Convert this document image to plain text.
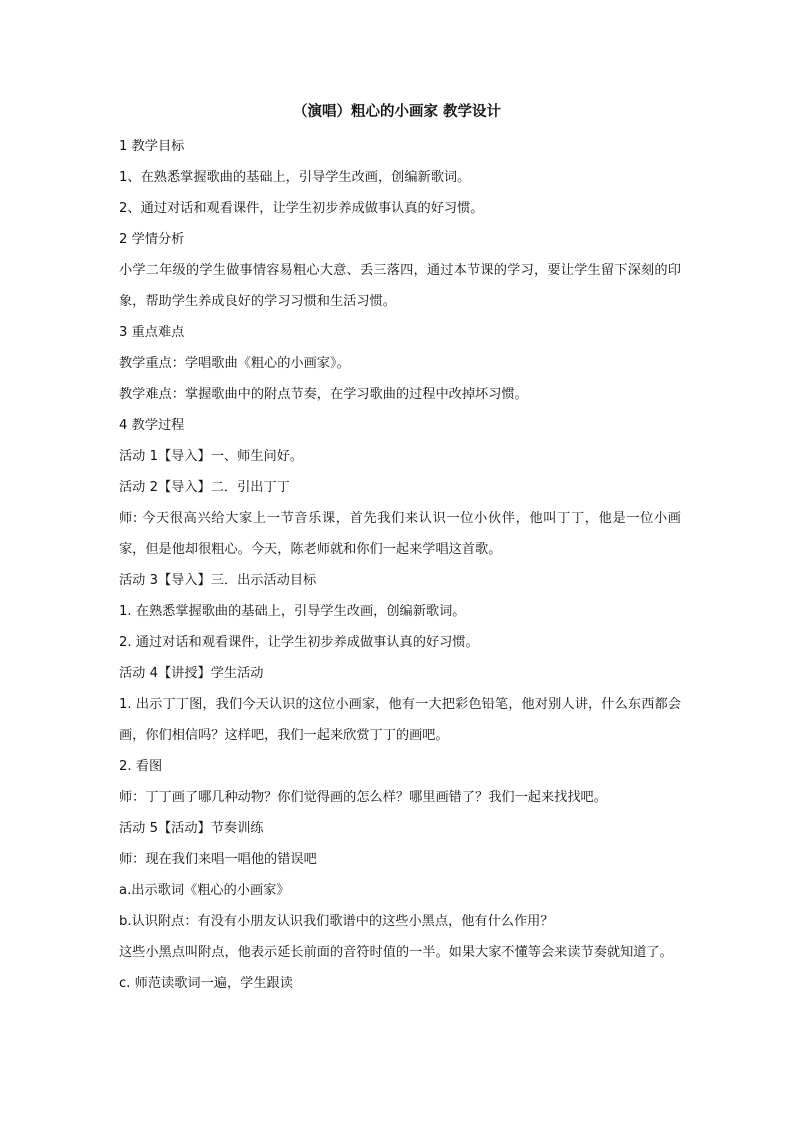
（演唱）粗心的小画家 教学设计

1 教学目标

1、在熟悉掌握歌曲的基础上，引导学生改画，创编新歌词。

2、通过对话和观看课件，让学生初步养成做事认真的好习惯。

2 学情分析

小学二年级的学生做事情容易粗心大意、丢三落四，通过本节课的学习，要让学生留下深刻的印象，帮助学生养成良好的学习习惯和生活习惯。

3 重点难点

教学重点：学唱歌曲《粗心的小画家》。

教学难点：掌握歌曲中的附点节奏，在学习歌曲的过程中改掉坏习惯。

4 教学过程

活动 1【导入】一、师生问好。

活动 2【导入】二．引出丁丁

师: 今天很高兴给大家上一节音乐课，首先我们来认识一位小伙伴，他叫丁丁，他是一位小画家，但是他却很粗心。今天，陈老师就和你们一起来学唱这首歌。

活动 3【导入】三．出示活动目标

1. 在熟悉掌握歌曲的基础上，引导学生改画，创编新歌词。

2. 通过对话和观看课件，让学生初步养成做事认真的好习惯。

活动 4【讲授】学生活动

1. 出示丁丁图，我们今天认识的这位小画家，他有一大把彩色铅笔，他对别人讲，什么东西都会画，你们相信吗？这样吧，我们一起来欣赏丁丁的画吧。

2. 看图

师：丁丁画了哪几种动物？你们觉得画的怎么样？哪里画错了？我们一起来找找吧。

活动 5【活动】节奏训练

师：现在我们来唱一唱他的错误吧

a.出示歌词《粗心的小画家》

b.认识附点：有没有小朋友认识我们歌谱中的这些小黑点，他有什么作用？

这些小黑点叫附点，他表示延长前面的音符时值的一半。如果大家不懂等会来读节奏就知道了。

c. 师范读歌词一遍，学生跟读
